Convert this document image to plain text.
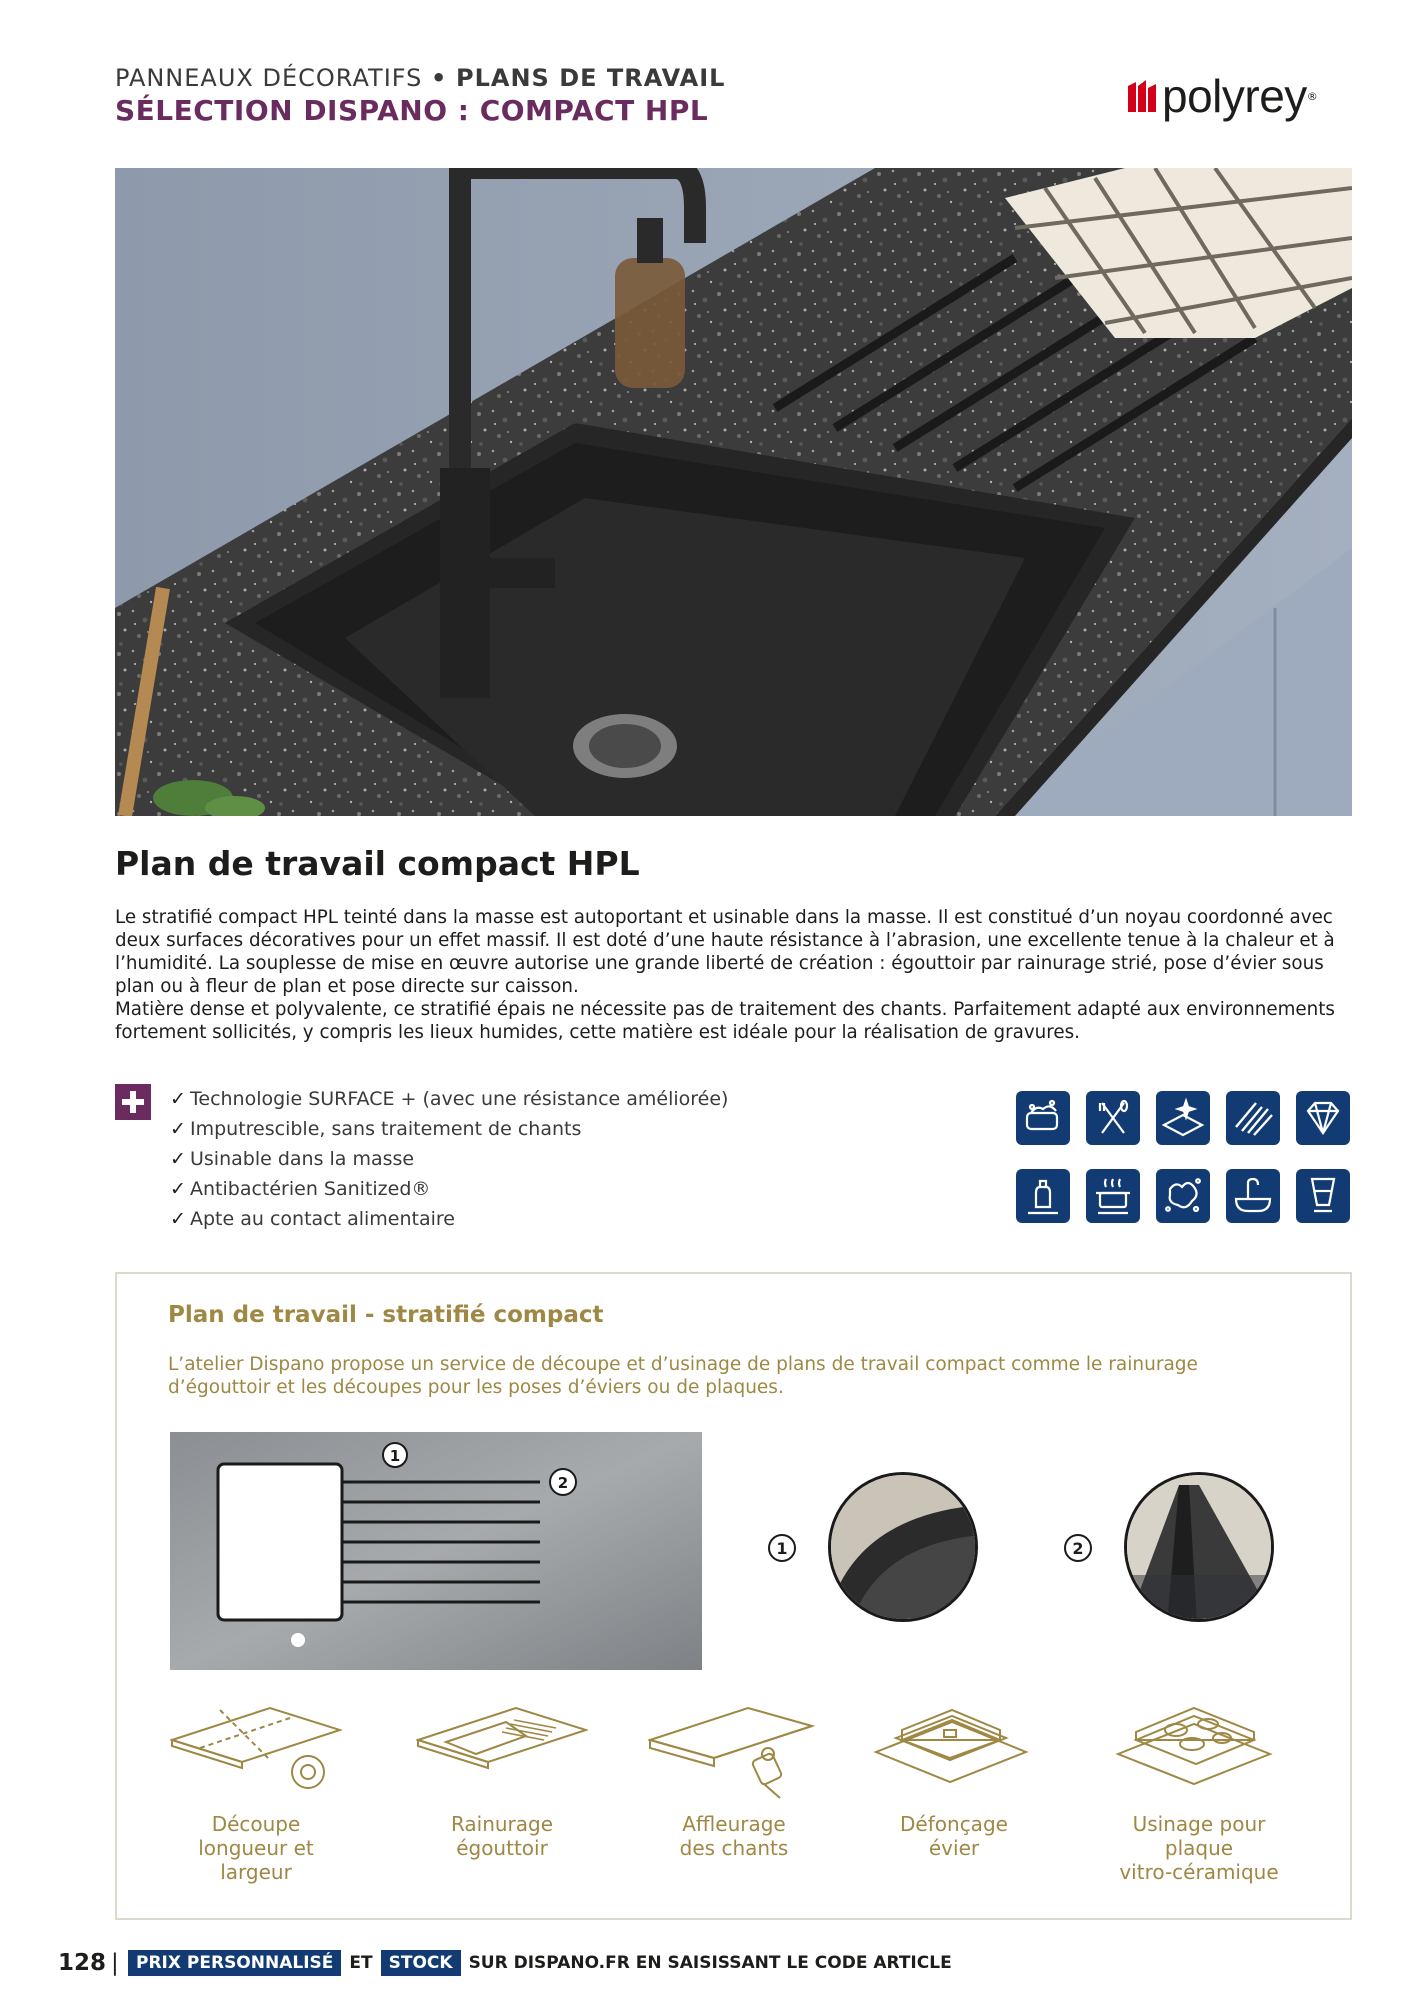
PANNEAUX DÉCORATIFS • PLANS DE TRAVAIL
SÉLECTION DISPANO : COMPACT HPL	polyrey ®
Plan de travail compact HPL

Le stratifié compact HPL teinté dans la masse est autoportant et usinable dans la masse. Il est constitué d’un noyau coordonné avec deux surfaces décoratives pour un effet massif. Il est doté d’une haute résistance à l’abrasion, une excellente tenue à la chaleur et à l’humidité. La souplesse de mise en œuvre autorise une grande liberté de création : égouttoir par rainurage strié, pose d’évier sous plan ou à fleur de plan et pose directe sur caisson.

Matière dense et polyvalente, ce stratifié épais ne nécessite pas de traitement des chants. Parfaitement adapté aux environnements fortement sollicités, y compris les lieux humides, cette matière est idéale pour la réalisation de gravures.

✓ Technologie SURFACE + (avec une résistance améliorée)
✓ Imputrescible, sans traitement de chants
✓ Usinable dans la masse
✓ Antibactérien Sanitized®
✓ Apte au contact alimentaire
Plan de travail - stratifié compact
L’atelier Dispano propose un service de découpe et d’usinage de plans de travail compact comme le rainurage d’égouttoir et les découpes pour les poses d’éviers ou de plaques.
1
2
1	2
Découpe
longueur et
largeur
Rainurage
égouttoir
Affleurage
des chants
Défonçage
évier
Usinage pour
plaque
vitro-céramique
128 |	PRIX PERSONNALISÉ ET STOCK SUR DISPANO.FR EN SAISISSANT LE CODE ARTICLE
